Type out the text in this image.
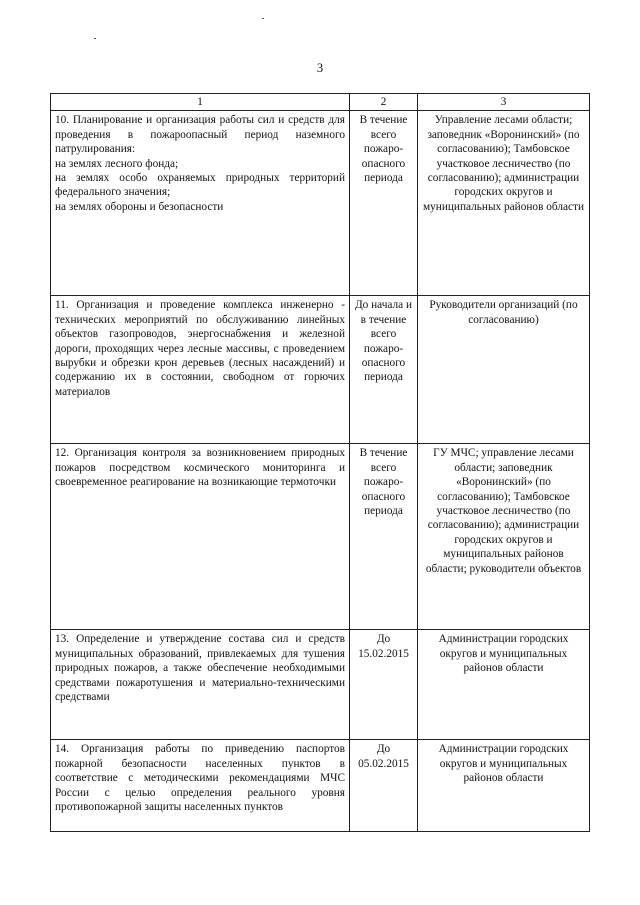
3
1	2	3

10. Планирование и организация работы сил и средств для проведения в пожароопасный период наземного патрулирования:
на землях лесного фонда;
на землях особо охраняемых природных территорий федерального значения;
на землях обороны и безопасности	В течение всего пожаро-опасного периода	Управление лесами области; заповедник «Воронинский» (по согласованию); Тамбовское участковое лесничество (по согласованию); администрации городских округов и муниципальных районов области

11. Организация и проведение комплекса инженерно - технических мероприятий по обслуживанию линейных объектов газопроводов, энергоснабжения и железной дороги, проходящих через лесные массивы, с проведением вырубки и обрезки крон деревьев (лесных насаждений) и содержанию их в состоянии, свободном от горючих материалов	До начала и в течение всего пожаро-опасного периода	Руководители организаций (по согласованию)

12. Организация контроля за возникновением природных пожаров посредством космического мониторинга и своевременное реагирование на возникающие термоточки	В течение всего пожаро-опасного периода	ГУ МЧС; управление лесами области; заповедник «Воронинский» (по согласованию); Тамбовское участковое лесничество (по согласованию); администрации городских округов и муниципальных районов области; руководители объектов

13. Определение и утверждение состава сил и средств муниципальных образований, привлекаемых для тушения природных пожаров, а также обеспечение необходимыми средствами пожаротушения и материально-техническими средствами	До 15.02.2015	Администрации городских округов и муниципальных районов области

14. Организация работы по приведению паспортов пожарной безопасности населенных пунктов в соответствие с методическими рекомендациями МЧС России с целью определения реального уровня противопожарной защиты населенных пунктов	До 05.02.2015	Администрации городских округов и муниципальных районов области
